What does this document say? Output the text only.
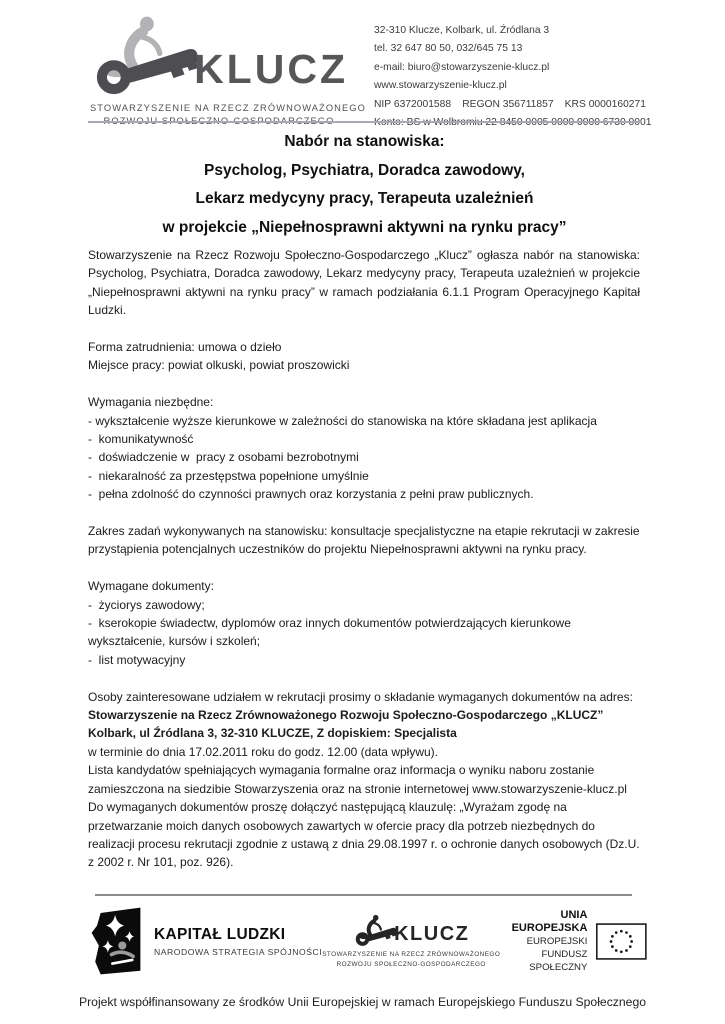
KLUCZ
STOWARZYSZENIE NA RZECZ ZRÓWNOWAŻONEGO
ROZWOJU SPOŁECZNO-GOSPODARCZEGO
32-310 Klucze, Kolbark, ul. Źródlana 3
tel. 32 647 80 50, 032/645 75 13
e-mail: biuro@stowarzyszenie-klucz.pl
www.stowarzyszenie-klucz.pl
NIP 6372001588 REGON 356711857 KRS 0000160271
Konto: BS w Wolbromiu 22 8450 0005 0000 0000 6730 0001
Nabór na stanowiska:
Psycholog, Psychiatra, Doradca zawodowy,
Lekarz medycyny pracy, Terapeuta uzależnień
w projekcie „Niepełnosprawni aktywni na rynku pracy”

Stowarzyszenie na Rzecz Rozwoju Społeczno-Gospodarczego „Klucz” ogłasza nabór na stanowiska: Psycholog, Psychiatra, Doradca zawodowy, Lekarz medycyny pracy, Terapeuta uzależnień w projekcie „Niepełnosprawni aktywni na rynku pracy” w ramach podziałania 6.1.1 Program Operacyjnego Kapitał Ludzki.

Forma zatrudnienia: umowa o dzieło

Miejsce pracy: powiat olkuski, powiat proszowicki

Wymagania niezbędne:

- wykształcenie wyższe kierunkowe w zależności do stanowiska na które składana jest aplikacja
-  komunikatywność
-  doświadczenie w  pracy z osobami bezrobotnymi
-  niekaralność za przestępstwa popełnione umyślnie
-  pełna zdolność do czynności prawnych oraz korzystania z pełni praw publicznych.

Zakres zadań wykonywanych na stanowisku: konsultacje specjalistyczne na etapie rekrutacji w zakresie przystąpienia potencjalnych uczestników do projektu Niepełnosprawni aktywni na rynku pracy.

Wymagane dokumenty:

-  życiorys zawodowy;
-  kserokopie świadectw, dyplomów oraz innych dokumentów potwierdzających kierunkowe wykształcenie, kursów i szkoleń;
-  list motywacyjny

Osoby zainteresowane udziałem w rekrutacji prosimy o składanie wymaganych dokumentów na adres: Stowarzyszenie na Rzecz Zrównoważonego Rozwoju Społeczno-Gospodarczego „KLUCZ” Kolbark, ul Źródlana 3, 32-310 KLUCZE, Z dopiskiem: Specjalista

w terminie do dnia 17.02.2011 roku do godz. 12.00 (data wpływu).

Lista kandydatów spełniających wymagania formalne oraz informacja o wyniku naboru zostanie zamieszczona na siedzibie Stowarzyszenia oraz na stronie internetowej www.stowarzyszenie-klucz.pl

Do wymaganych dokumentów proszę dołączyć następującą klauzulę: „Wyrażam zgodę na przetwarzanie moich danych osobowych zawartych w ofercie pracy dla potrzeb niezbędnych do realizacji procesu rekrutacji zgodnie z ustawą z dnia 29.08.1997 r. o ochronie danych osobowych (Dz.U. z 2002 r. Nr 101, poz. 926).

KAPITAŁ LUDZKI
NARODOWA STRATEGIA SPÓJNOŚCI
KLUCZ
STOWARZYSZENIE NA RZECZ ZRÓWNOWAŻONEGO
ROZWOJU SPOŁECZNO-GOSPODARCZEGO
UNIA EUROPEJSKA
EUROPEJSKI
FUNDUSZ SPOŁECZNY
Projekt współfinansowany ze środków Unii Europejskiej w ramach Europejskiego Funduszu Społecznego
